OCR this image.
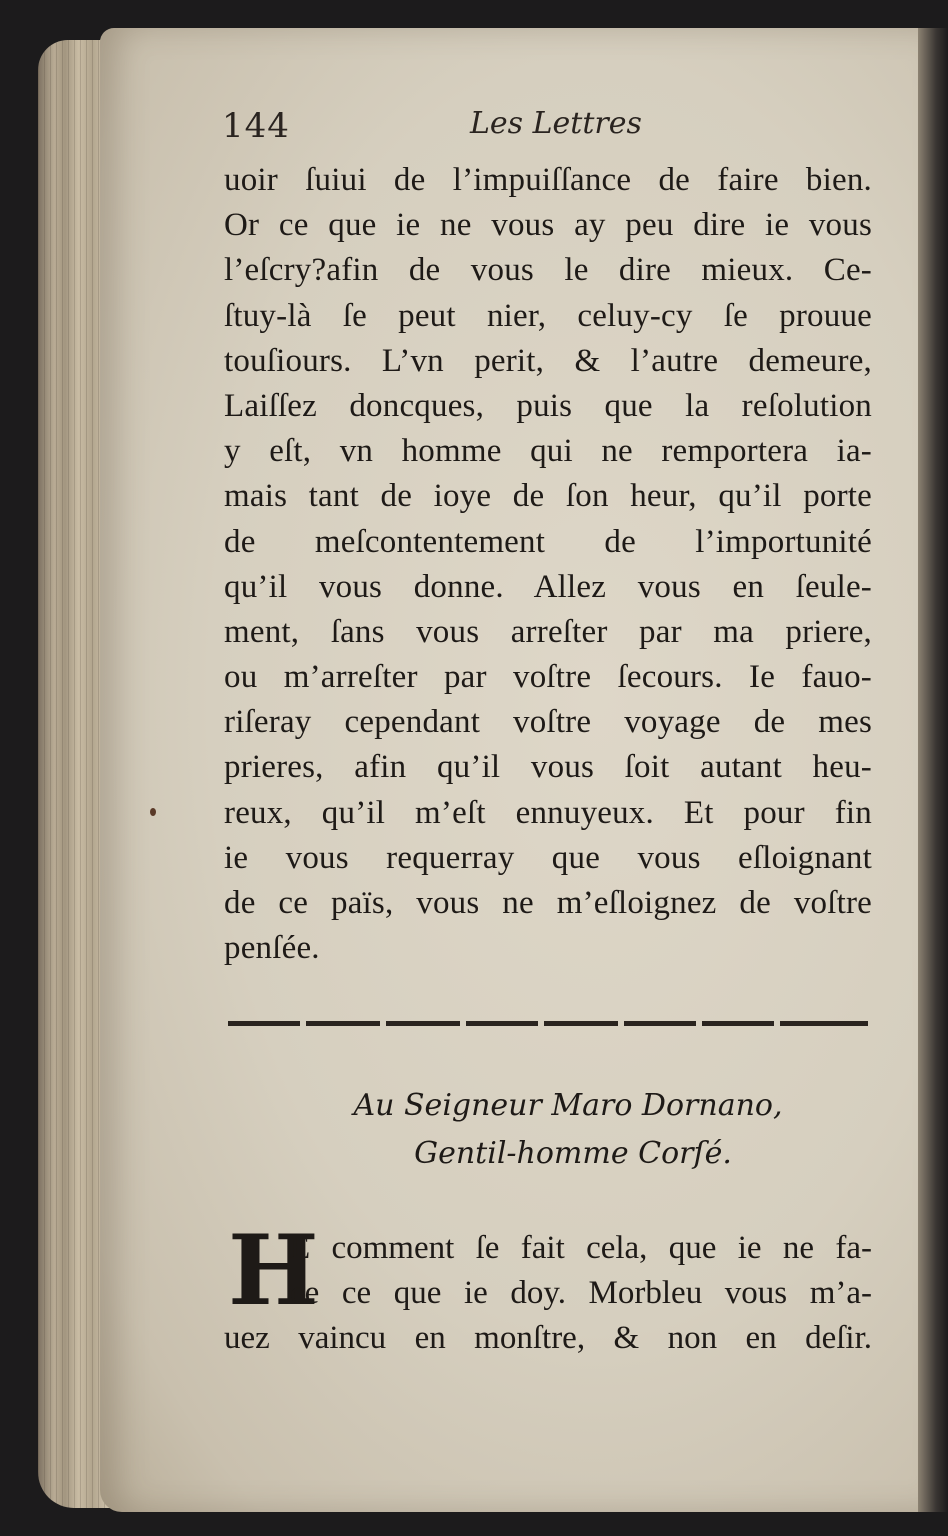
144	Les Lettres
uoir ſuiui de l’impuiſſance de faire bien.
Or ce que ie ne vous ay peu dire ie vous
l’eſcry?afin de vous le dire mieux. Ce-
ſtuy-là ſe peut nier, celuy-cy ſe prouue
touſiours. L’vn perit, & l’autre demeure,
Laiſſez doncques, puis que la reſolution
y eſt, vn homme qui ne remportera ia-
mais tant de ioye de ſon heur, qu’il porte
de meſcontentement de l’importunité
qu’il vous donne. Allez vous en ſeule-
ment, ſans vous arreſter par ma priere,
ou m’arreſter par voſtre ſecours. Ie fauo-
riſeray cependant voſtre voyage de mes
prieres, afin qu’il vous ſoit autant heu-
reux, qu’il m’eſt ennuyeux. Et pour fin
ie vous requerray que vous eſloignant
de ce païs, vous ne m’eſloignez de voſtre
penſée.
Au Seigneur Maro Dornano,
Gentil-homme Corſé.
H
E comment ſe fait cela, que ie ne fa-
ce ce que ie doy. Morbleu vous m’a-
uez vaincu en monſtre, & non en deſir.
